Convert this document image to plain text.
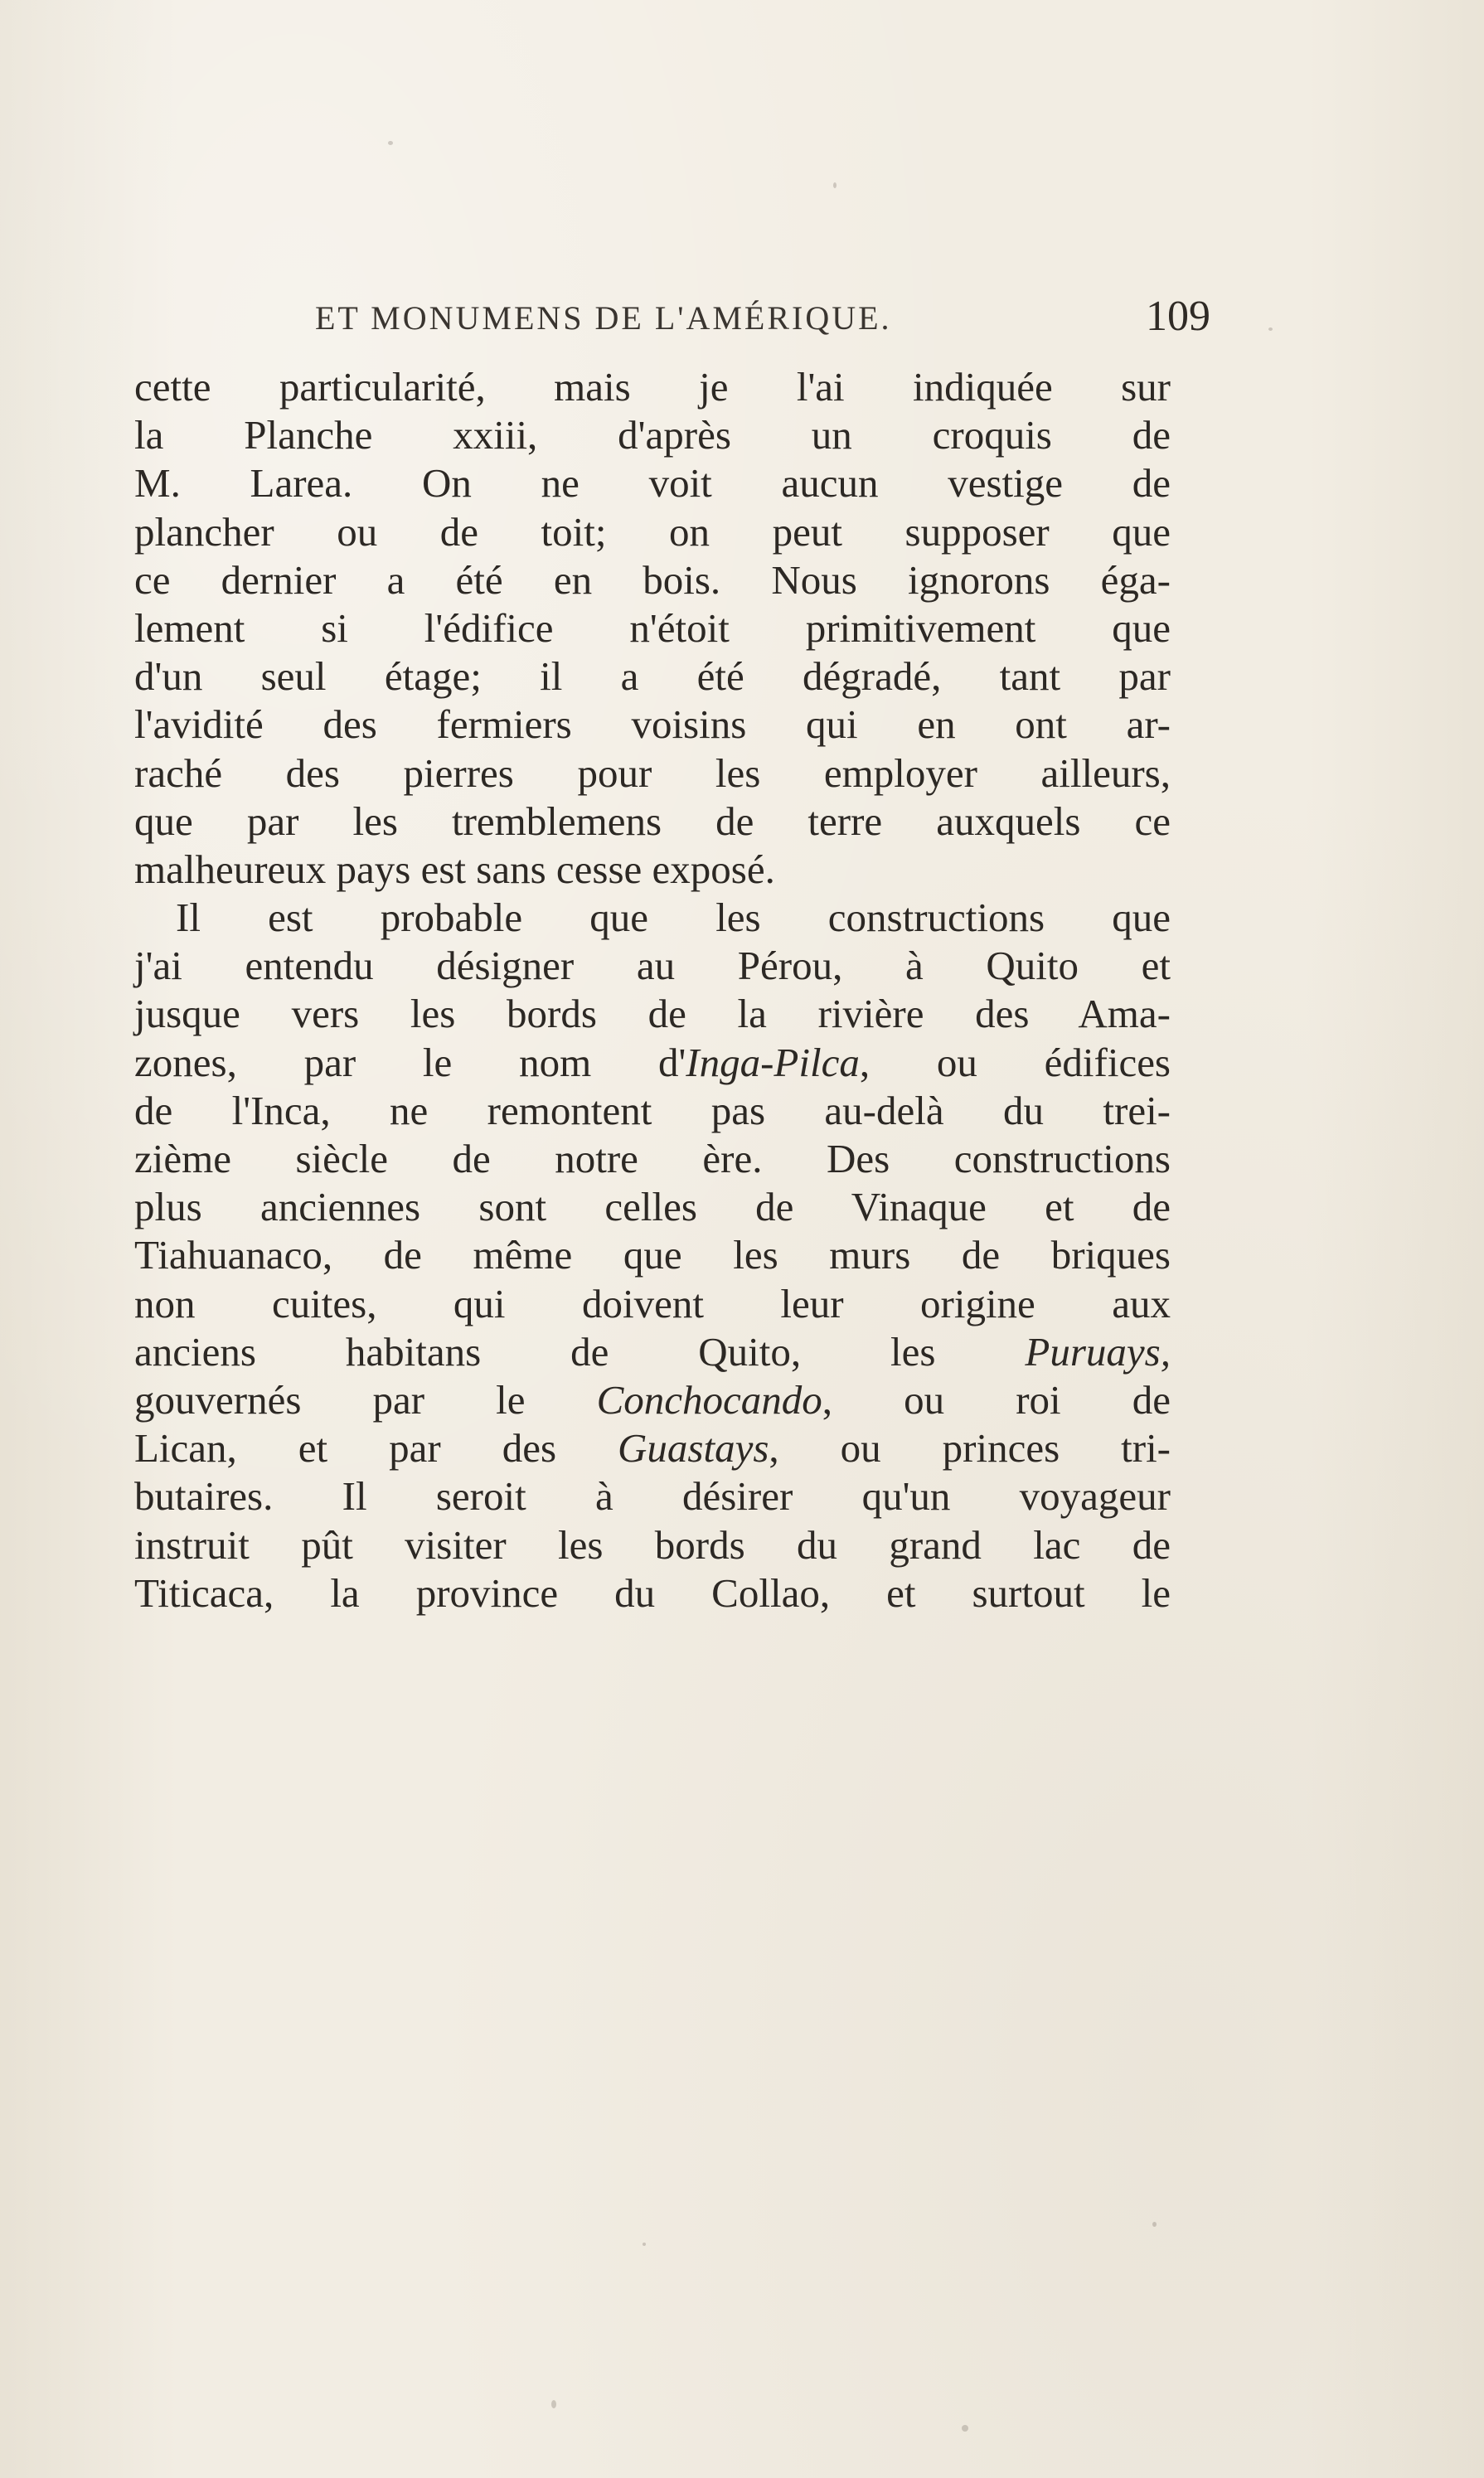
ET MONUMENS DE L'AMÉRIQUE.	109
cette particularité, mais je l'ai indiquée sur
la Planche xxiii, d'après un croquis de
M. Larea. On ne voit aucun vestige de
plancher ou de toit; on peut supposer que
ce dernier a été en bois. Nous ignorons éga-
lement si l'édifice n'étoit primitivement que
d'un seul étage; il a été dégradé, tant par
l'avidité des fermiers voisins qui en ont ar-
raché des pierres pour les employer ailleurs,
que par les tremblemens de terre auxquels ce
malheureux pays est sans cesse exposé.
Il est probable que les constructions que
j'ai entendu désigner au Pérou, à Quito et
jusque vers les bords de la rivière des Ama-
zones, par le nom d'Inga-Pilca, ou édifices
de l'Inca, ne remontent pas au-delà du trei-
zième siècle de notre ère. Des constructions
plus anciennes sont celles de Vinaque et de
Tiahuanaco, de même que les murs de briques
non cuites, qui doivent leur origine aux
anciens habitans de Quito, les Puruays,
gouvernés par le Conchocando, ou roi de
Lican, et par des Guastays, ou princes tri-
butaires. Il seroit à désirer qu'un voyageur
instruit pût visiter les bords du grand lac de
Titicaca, la province du Collao, et surtout le
